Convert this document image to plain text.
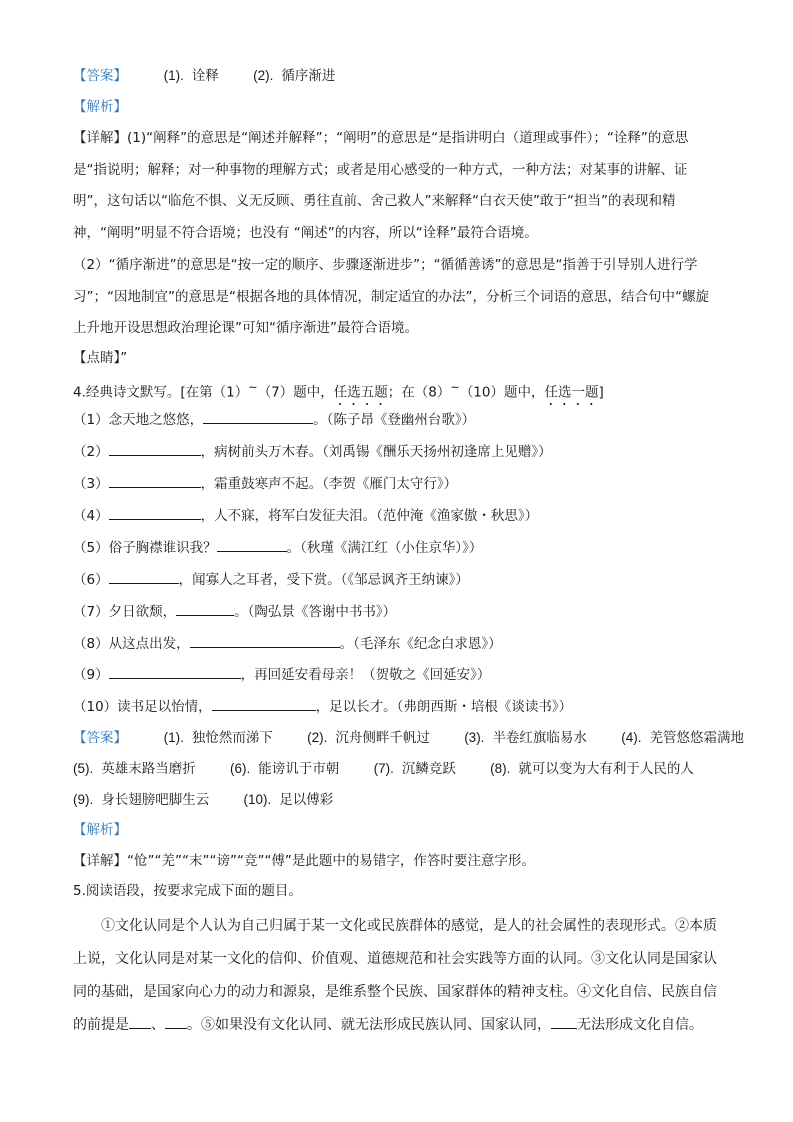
【答案】	(1). 诠释	(2). 循序渐进
【解析】
【详解】(1)“阐释”的意思是“阐述并解释”；“阐明”的意思是“是指讲明白（道理或事件）；“诠释”的意思是“指说明；解释；对一种事物的理解方式；或者是用心感受的一种方式，一种方法；对某事的讲解、证明”，这句话以“临危不惧、义无反顾、勇往直前、舍己救人”来解释“白衣天使”敢于“担当”的表现和精神，“阐明”明显不符合语境；也没有 “阐述”的内容，所以“诠释”最符合语境。
（2）“循序渐进”的意思是“按一定的顺序、步骤逐渐进步”；“循循善诱”的意思是“指善于引导别人进行学习”；“因地制宜”的意思是“根据各地的具体情况，制定适宜的办法”，分析三个词语的意思，结合句中“螺旋上升地开设思想政治理论课”可知“循序渐进”最符合语境。
【点睛】”
4.经典诗文默写。[在第（1）~（7）题中，任选五题；在（8）~（10）题中，任选一题]
（1）念天地之悠悠，	。（陈子昂《登幽州台歌》）
（2）	，病树前头万木春。（刘禹锡《酬乐天扬州初逢席上见赠》）
（3）	，霜重鼓寒声不起。（李贺《雁门太守行》）
（4）	，人不寐，将军白发征夫泪。（范仲淹《渔家傲・秋思》）
（5）俗子胸襟谁识我？	。（秋瑾《满江红（小住京华）》）
（6）	，闻寡人之耳者，受下赏。（《邹忌讽齐王纳谏》）
（7）夕日欲颓，	。（陶弘景《答谢中书书》）
（8）从这点出发，	。（毛泽东《纪念白求恩》）
（9）	，再回延安看母亲！（贺敬之《回延安》）
（10）读书足以怡情，	，足以长才。（弗朗西斯・培根《谈读书》）
【答案】	(1). 独怆然而涕下	(2). 沉舟侧畔千帆过	(3). 半卷红旗临易水	(4). 羌管悠悠霜满地
(5). 英雄末路当磨折	(6). 能谤讥于市朝	(7). 沉鳞竞跃	(8). 就可以变为大有利于人民的人
(9). 身长翅膀吧脚生云	(10). 足以傅彩
【解析】
【详解】“怆”“羌”“末”“谤”“竞”“傅”是此题中的易错字，作答时要注意字形。
5.阅读语段，按要求完成下面的题目。
①文化认同是个人认为自己归属于某一文化或民族群体的感觉，是人的社会属性的表现形式。②本质上说，文化认同是对某一文化的信仰、价值观、道德规范和社会实践等方面的认同。③文化认同是国家认同的基础，是国家向心力的动力和源泉，是维系整个民族、国家群体的精神支柱。④文化自信、民族自信的前提是 、 。⑤如果没有文化认同、就无法形成民族认同、国家认同， 无法形成文化自信。
